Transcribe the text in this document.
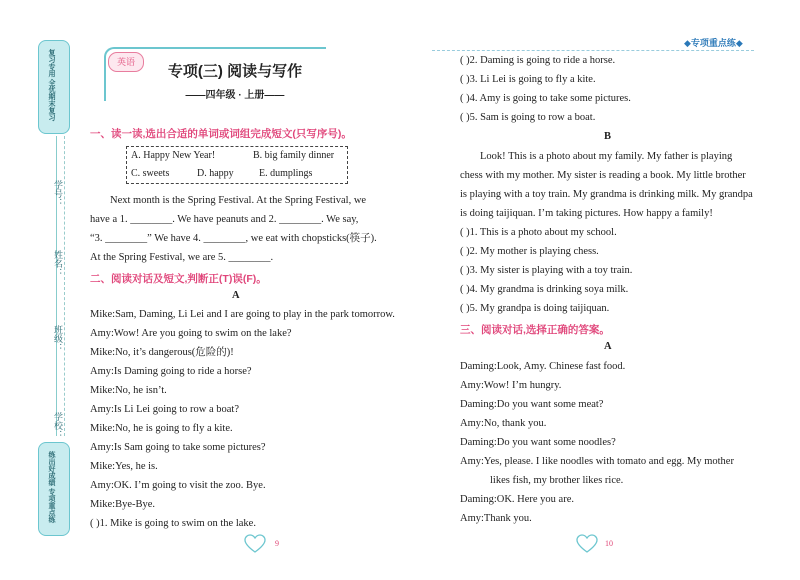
复习专用 全优期末复习
学号：
姓名：
班级：
学校：
练出好成绩 专项重点练
英语
专项(三) 阅读与写作
——四年级 · 上册——
◆专项重点练◆
一、读一读,选出合适的单词或词组完成短文(只写序号)。
A. Happy New Year!	B. big family dinner
C. sweets	D. happy	E. dumplings
Next month is the Spring Festival. At the Spring Festival, we
have a 1. ________. We have peanuts and 2. ________. We say,
“3. ________” We have 4. ________, we eat with chopsticks(筷子).
At the Spring Festival, we are 5. ________.
二、阅读对话及短文,判断正(T)误(F)。
A
Mike:Sam, Daming, Li Lei and I are going to play in the park tomorrow.
Amy:Wow! Are you going to swim on the lake?
Mike:No, it’s dangerous(危险的)!
Amy:Is Daming going to ride a horse?
Mike:No, he isn’t.
Amy:Is Li Lei going to row a boat?
Mike:No, he is going to fly a kite.
Amy:Is Sam going to take some pictures?
Mike:Yes, he is.
Amy:OK. I’m going to visit the zoo. Bye.
Mike:Bye-Bye.
( )1. Mike is going to swim on the lake.
9
( )2. Daming is going to ride a horse.
( )3. Li Lei is going to fly a kite.
( )4. Amy is going to take some pictures.
( )5. Sam is going to row a boat.
B
Look! This is a photo about my family. My father is playing
chess with my mother. My sister is reading a book. My little brother
is playing with a toy train. My grandma is drinking milk. My grandpa
is doing taijiquan. I’m taking pictures. How happy a family!
( )1. This is a photo about my school.
( )2. My mother is playing chess.
( )3. My sister is playing with a toy train.
( )4. My grandma is drinking soya milk.
( )5. My grandpa is doing taijiquan.
三、阅读对话,选择正确的答案。
A
Daming:Look, Amy. Chinese fast food.
Amy:Wow! I’m hungry.
Daming:Do you want some meat?
Amy:No, thank you.
Daming:Do you want some noodles?
Amy:Yes, please. I like noodles with tomato and egg. My mother
likes fish, my brother likes rice.
Daming:OK. Here you are.
Amy:Thank you.
10
